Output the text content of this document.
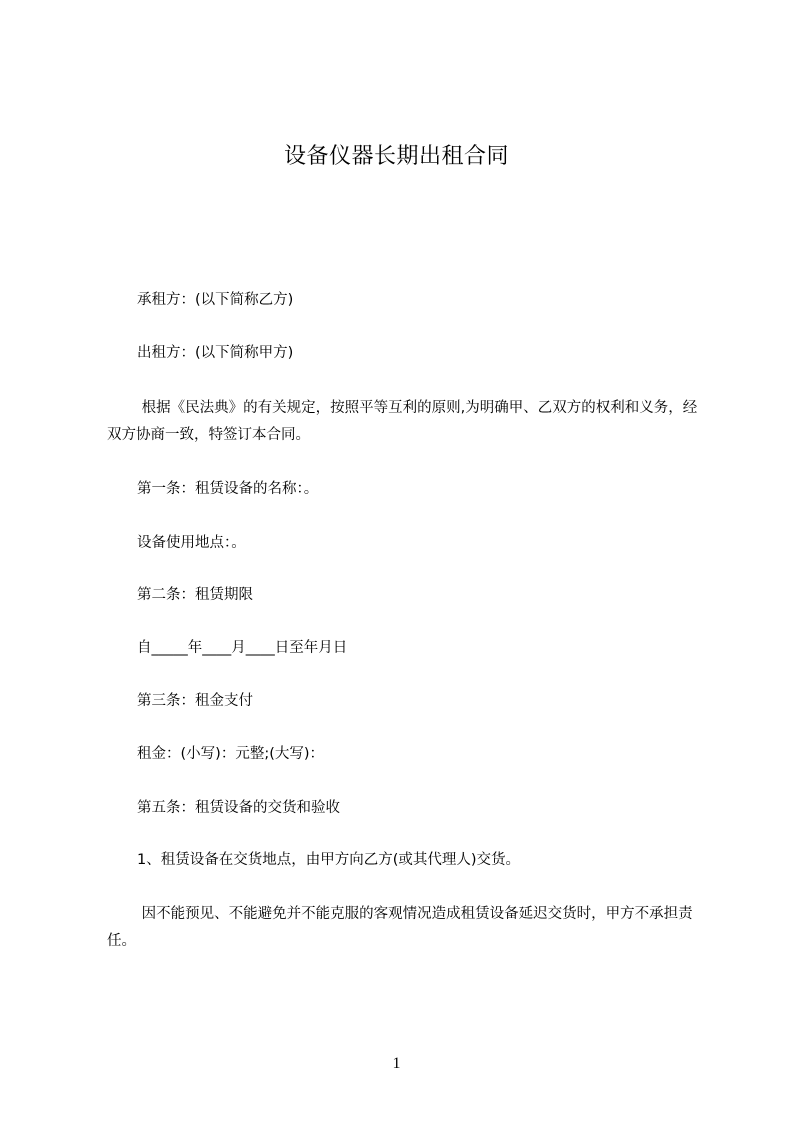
设备仪器长期出租合同

承租方：(以下简称乙方)

出租方：(以下简称甲方)

根据《民法典》的有关规定，按照平等互利的原则,为明确甲、乙双方的权利和义务，经双方协商一致，特签订本合同。

第一条：租赁设备的名称：。

设备使用地点：。

第二条：租赁期限

自_____年____月____日至年月日

第三条：租金支付

租金：(小写)：元整;(大写)：

第五条：租赁设备的交货和验收

1、租赁设备在交货地点，由甲方向乙方(或其代理人)交货。

因不能预见、不能避免并不能克服的客观情况造成租赁设备延迟交货时，甲方不承担责任。

1
